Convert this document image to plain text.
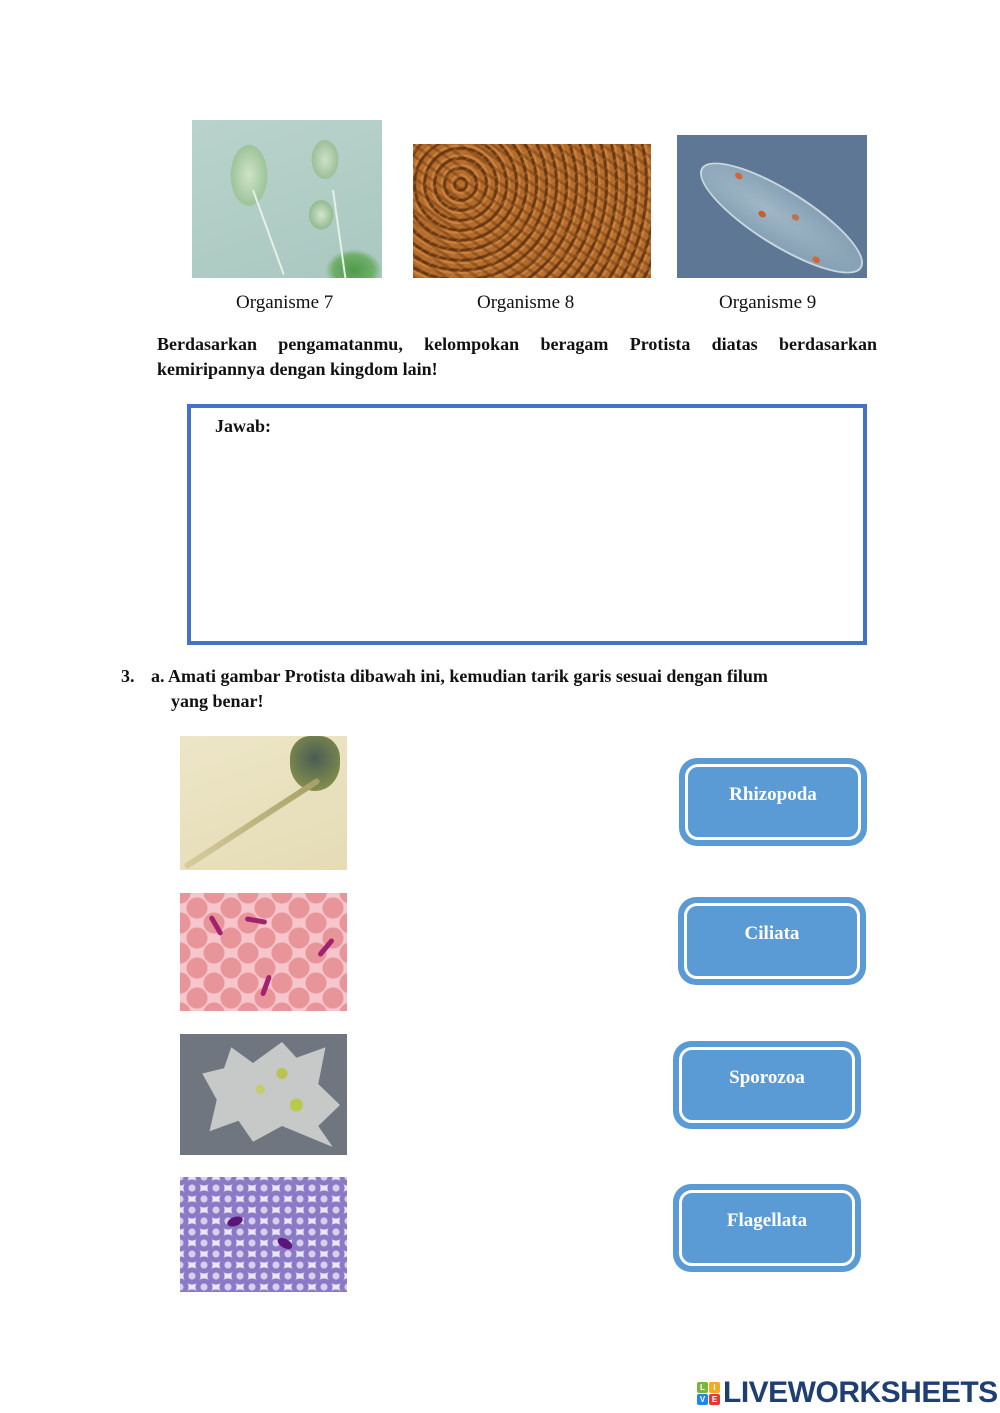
Organisme 7	Organisme 8	Organisme 9
Berdasarkan pengamatanmu, kelompokan beragam Protista diatas berdasarkan kemiripannya dengan kingdom lain!
Jawab:
3. a. Amati gambar Protista dibawah ini, kemudian tarik garis sesuai dengan filum
yang benar!
Rhizopoda
Ciliata
Sporozoa
Flagellata
L	I
V E LIVEWORKSHEETS
